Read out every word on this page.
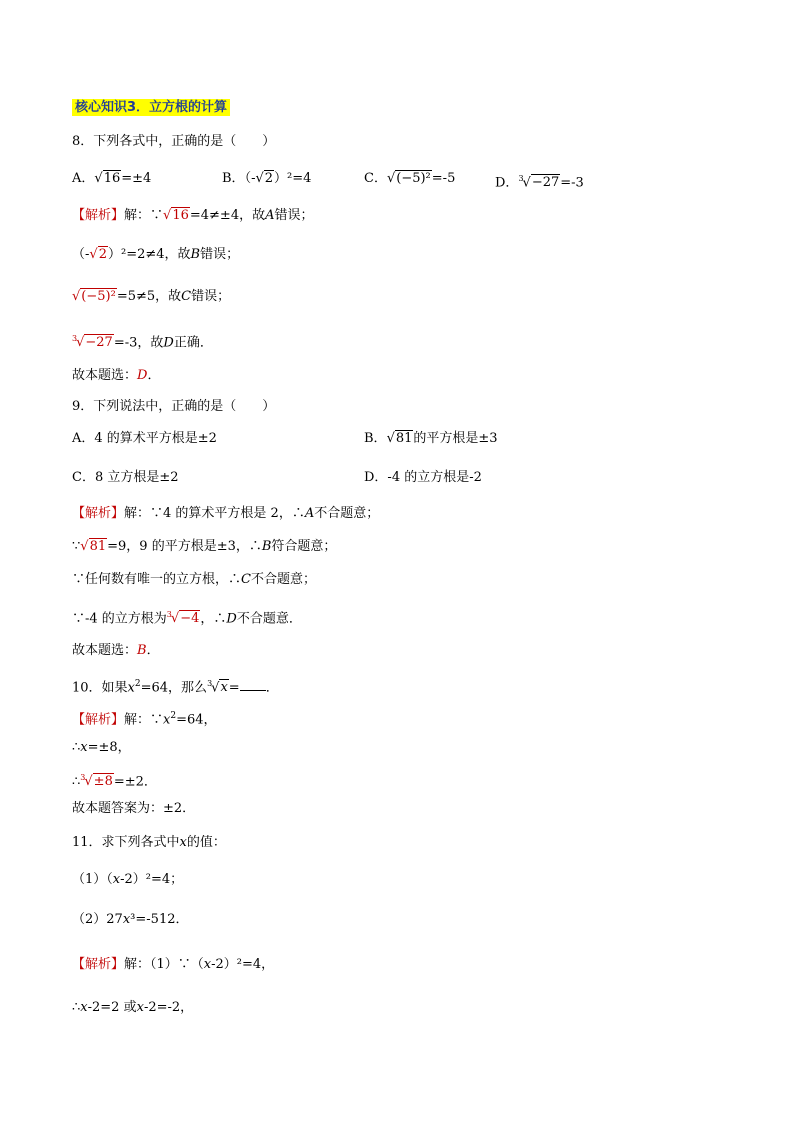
核心知识3．立方根的计算
8．下列各式中，正确的是（　　）
A．√16=±4	B．（-√2）²=4	C．√(−5)²=-5	D．$^3$√−27=-3
【解析】解：∵√16=4≠±4，故A错误；
（-√2）²=2≠4，故B错误；
√(−5)²=5≠5，故C错误；
$^3$√−27=-3，故D正确．
故本题选：D．
9．下列说法中，正确的是（　　）
A．4 的算术平方根是±2	B．√81的平方根是±3
C．8 立方根是±2	D．-4 的立方根是-2
【解析】解：∵4 的算术平方根是 2，∴A不合题意；
∵√81=9，9 的平方根是±3，∴B符合题意；
∵任何数有唯一的立方根，∴C不合题意；
∵-4 的立方根为$^3$√−4，∴D不合题意．
故本题选：B．
10．如果$x^2=64$，那么$^3$√x= ．
【解析】解：$\because x^2=64$，
∴x=±8，
∴$^3$√±8=±2．
故本题答案为：±2．
11．求下列各式中x的值：
（1）（x-2）²=4；
（2）27x³=-512．
【解析】解：（1）∵（x-2）²=4，
∴x-2=2 或x-2=-2，
